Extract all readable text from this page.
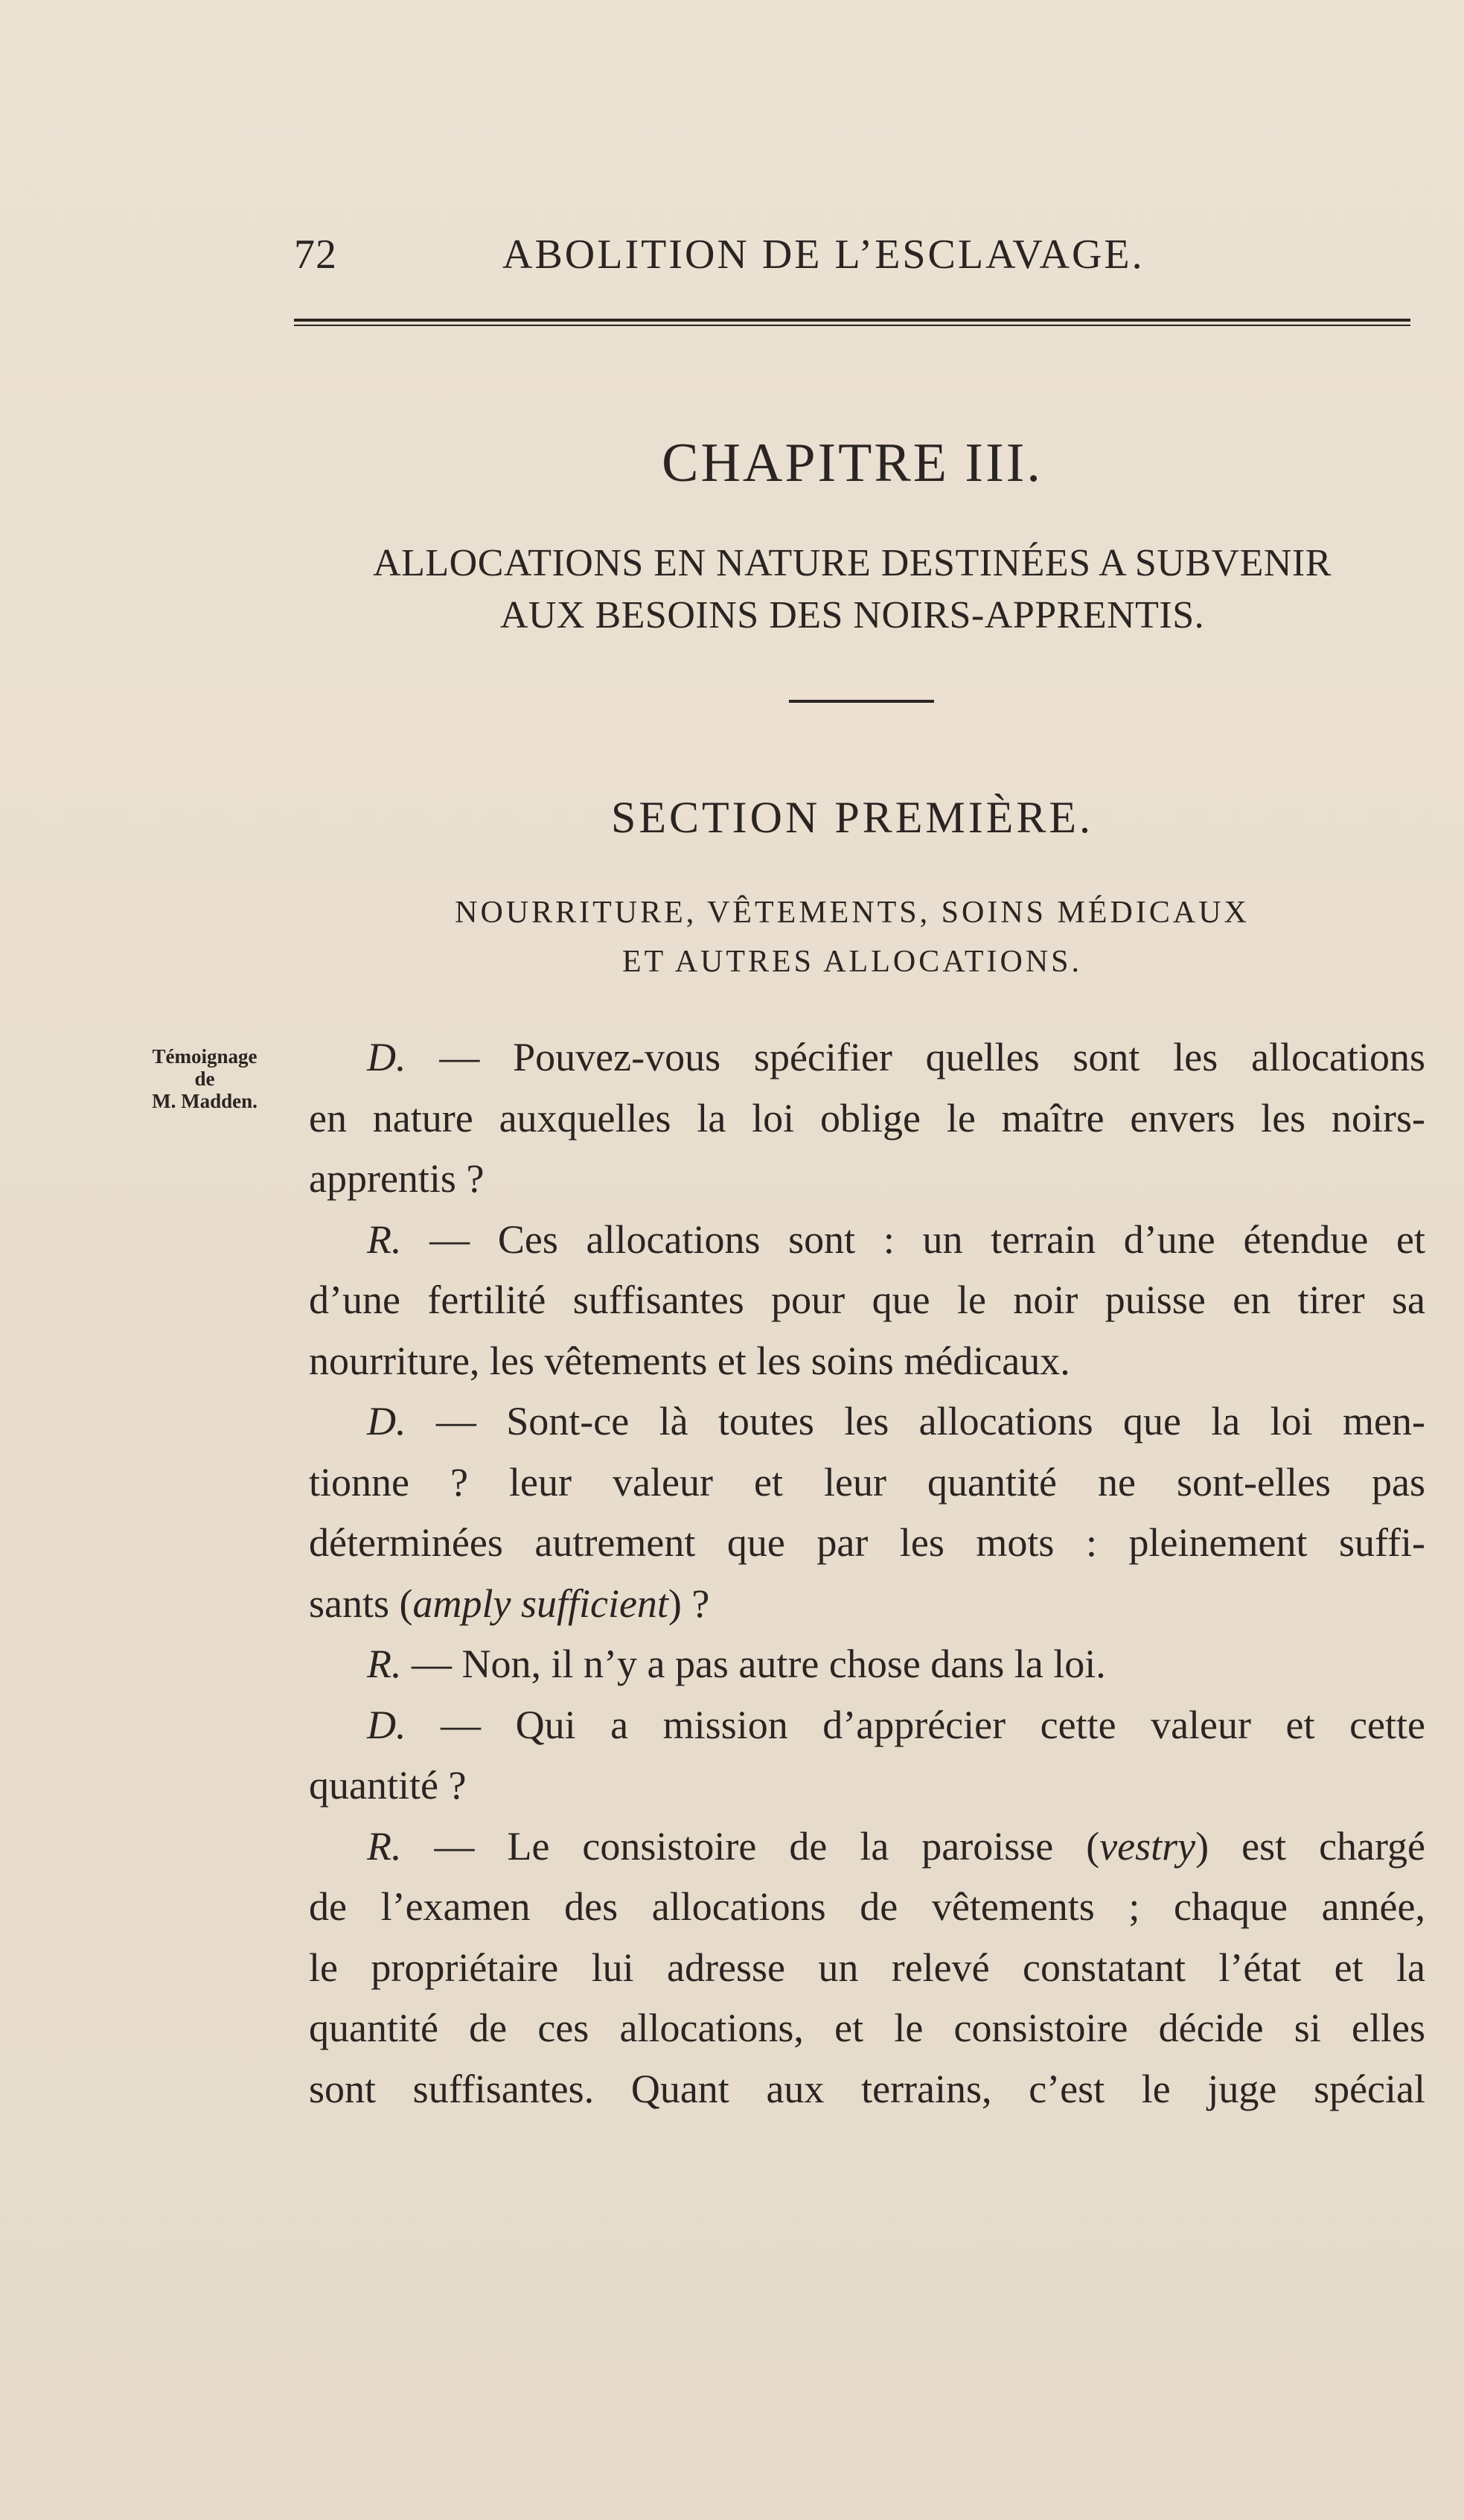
72	ABOLITION DE L’ESCLAVAGE.
CHAPITRE III.
ALLOCATIONS EN NATURE DESTINÉES A SUBVENIR
AUX BESOINS DES NOIRS-APPRENTIS.
SECTION PREMIÈRE.
NOURRITURE, VÊTEMENTS, SOINS MÉDICAUX
ET AUTRES ALLOCATIONS.
Témoignage
de
M. Madden.
D. — Pouvez-vous spécifier quelles sont les allocations
en nature auxquelles la loi oblige le maître envers les noirs-
apprentis ?
R. — Ces allocations sont : un terrain d’une étendue et
d’une fertilité suffisantes pour que le noir puisse en tirer sa
nourriture, les vêtements et les soins médicaux.
D. — Sont-ce là toutes les allocations que la loi men-
tionne ? leur valeur et leur quantité ne sont-elles pas
déterminées autrement que par les mots : pleinement suffi-
sants (amply sufficient) ?
R. — Non, il n’y a pas autre chose dans la loi.
D. — Qui a mission d’apprécier cette valeur et cette
quantité ?
R. — Le consistoire de la paroisse (vestry) est chargé
de l’examen des allocations de vêtements ; chaque année,
le propriétaire lui adresse un relevé constatant l’état et la
quantité de ces allocations, et le consistoire décide si elles
sont suffisantes. Quant aux terrains, c’est le juge spécial
